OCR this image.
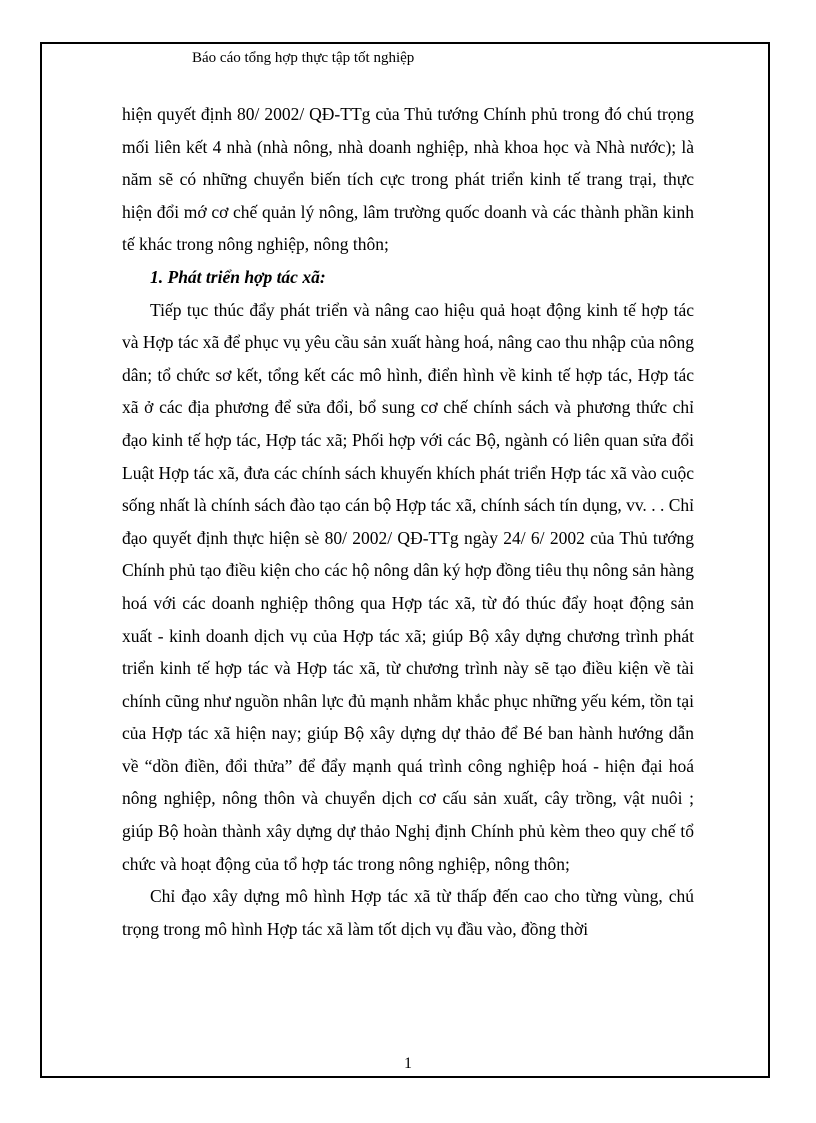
Báo cáo tổng hợp thực tập tốt nghiệp

hiện quyết định 80/ 2002/ QĐ-TTg của Thủ tướng Chính phủ trong đó chú trọng mối liên kết 4 nhà (nhà nông, nhà doanh nghiệp, nhà khoa học và Nhà nước); là năm sẽ có những chuyển biến tích cực trong phát triển kinh tế trang trại, thực hiện đổi mớ cơ chế quản lý nông, lâm trường quốc doanh và các thành phần kinh tế khác trong nông nghiệp, nông thôn;

1. Phát triển hợp tác xã:

Tiếp tục thúc đẩy phát triển và nâng cao hiệu quả hoạt động kinh tế hợp tác và Hợp tác xã để phục vụ yêu cầu sản xuất hàng hoá, nâng cao thu nhập của nông dân; tổ chức sơ kết, tổng kết các mô hình, điển hình về kinh tế hợp tác, Hợp tác xã ở các địa phương để sửa đổi, bổ sung cơ chế chính sách và phương thức chỉ đạo kinh tế hợp tác, Hợp tác xã; Phối hợp với các Bộ, ngành có liên quan sửa đổi Luật Hợp tác xã, đưa các chính sách khuyến khích phát triển Hợp tác xã vào cuộc sống nhất là chính sách đào tạo cán bộ Hợp tác xã, chính sách tín dụng, vv. . . Chỉ đạo quyết định thực hiện sè 80/ 2002/ QĐ-TTg ngày 24/ 6/ 2002 của Thủ tướng Chính phủ tạo điều kiện cho các hộ nông dân ký hợp đồng tiêu thụ nông sản hàng hoá với các doanh nghiệp thông qua Hợp tác xã, từ đó thúc đẩy hoạt động sản xuất - kinh doanh dịch vụ của Hợp tác xã; giúp Bộ xây dựng chương trình phát triển kinh tế hợp tác và Hợp tác xã, từ chương trình này sẽ tạo điều kiện về tài chính cũng như nguồn nhân lực đủ mạnh nhằm khắc phục những yếu kém, tồn tại của Hợp tác xã hiện nay; giúp Bộ xây dựng dự thảo để Bé ban hành hướng dẫn về “dồn điền, đổi thửa” để đẩy mạnh quá trình công nghiệp hoá - hiện đại hoá nông nghiệp, nông thôn và chuyển dịch cơ cấu sản xuất, cây trồng, vật nuôi ; giúp Bộ hoàn thành xây dựng dự thảo Nghị định Chính phủ kèm theo quy chế tổ chức và hoạt động của tổ hợp tác trong nông nghiệp, nông thôn;

Chỉ đạo xây dựng mô hình Hợp tác xã từ thấp đến cao cho từng vùng, chú trọng trong mô hình Hợp tác xã làm tốt dịch vụ đầu vào, đồng thời

1
